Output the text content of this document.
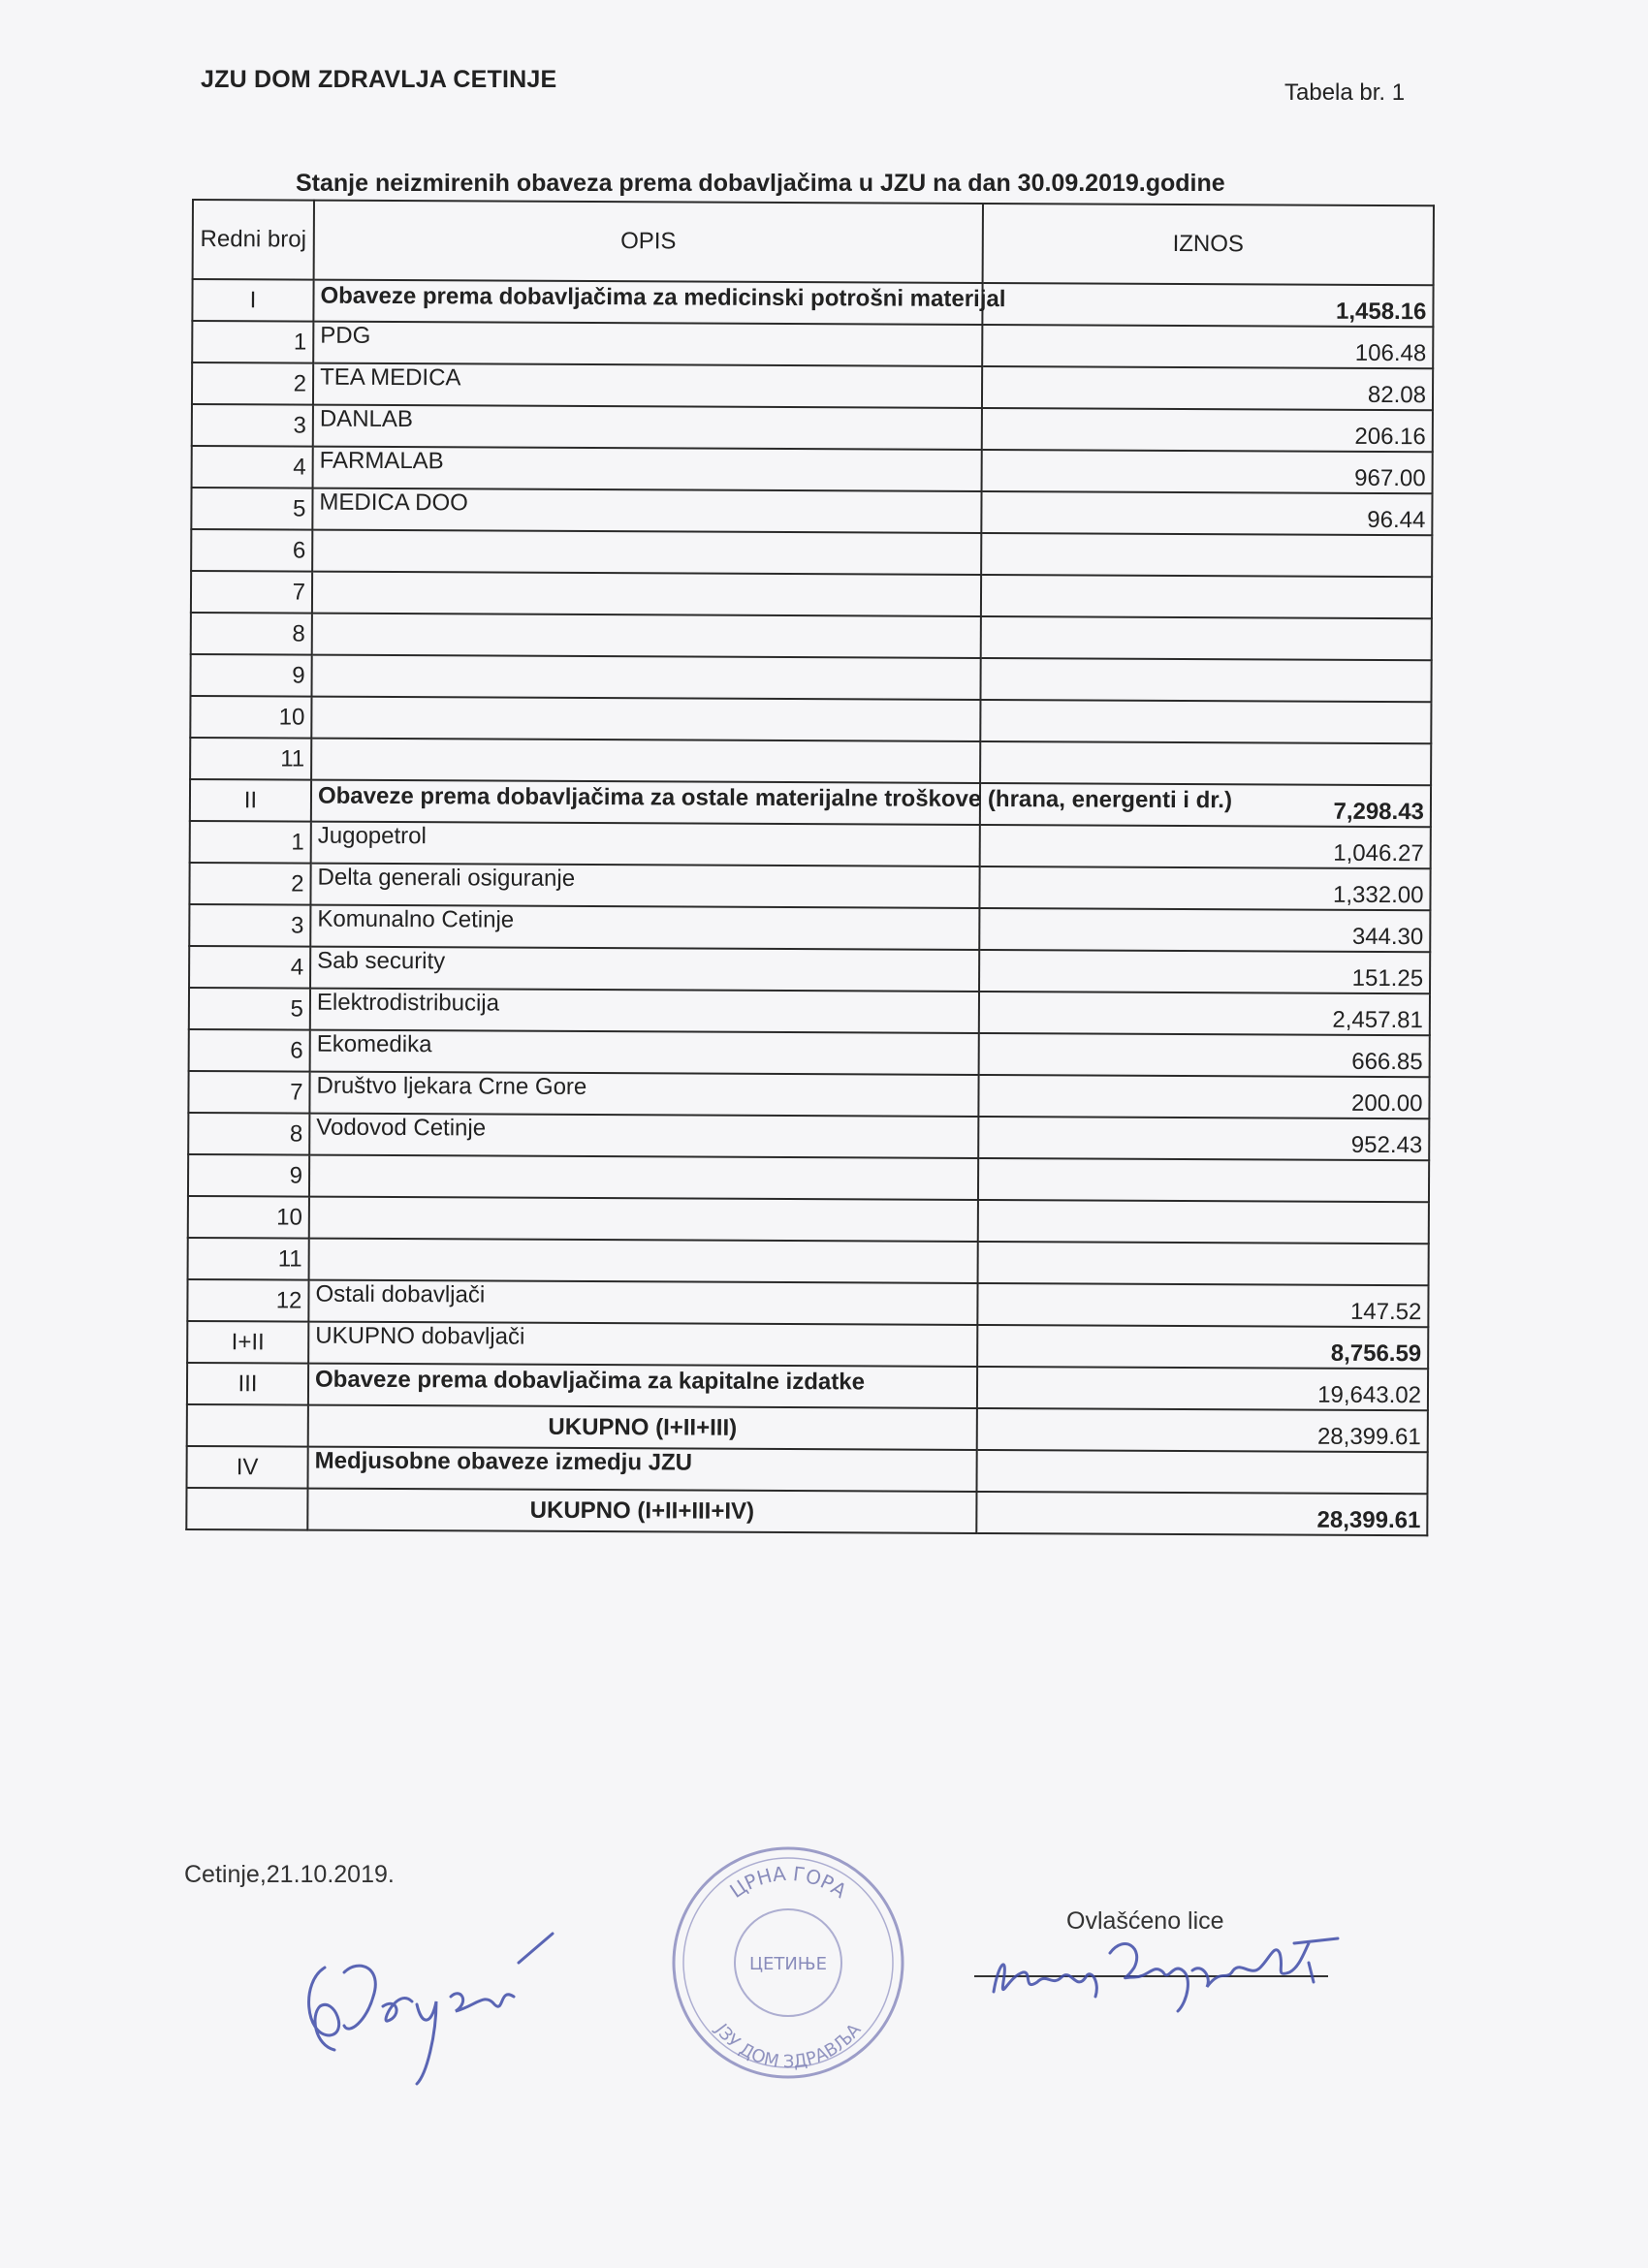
JZU DOM ZDRAVLJA CETINJE	Tabela br. 1
Stanje neizmirenih obaveza prema dobavljačima u JZU na dan 30.09.2019.godine
Redni broj	OPIS	IZNOS
I	Obaveze prema dobavljačima za medicinski potrošni materijal	1,458.16
1	PDG	106.48
2	TEA MEDICA	82.08
3	DANLAB	206.16
4	FARMALAB	967.00
5	MEDICA DOO	96.44
6		
7		
8		
9		
10		
11		
II	Obaveze prema dobavljačima za ostale materijalne troškove (hrana, energenti i dr.)	7,298.43
1	Jugopetrol	1,046.27
2	Delta generali osiguranje	1,332.00
3	Komunalno Cetinje	344.30
4	Sab security	151.25
5	Elektrodistribucija	2,457.81
6	Ekomedika	666.85
7	Društvo ljekara Crne Gore	200.00
8	Vodovod Cetinje	952.43
9		
10		
11		
12	Ostali dobavljači	147.52
I+II	UKUPNO dobavljači	8,756.59
III	Obaveze prema dobavljačima za kapitalne izdatke	19,643.02
	UKUPNO (I+II+III)	28,399.61
IV	Medjusobne obaveze izmedju JZU	
	UKUPNO (I+II+III+IV)	28,399.61
Cetinje,21.10.2019.
ЦРНА ГОРА
ЦЕТИЊЕ
ЈЗУ ДОМ ЗДРАВЉА
Ovlašćeno lice
